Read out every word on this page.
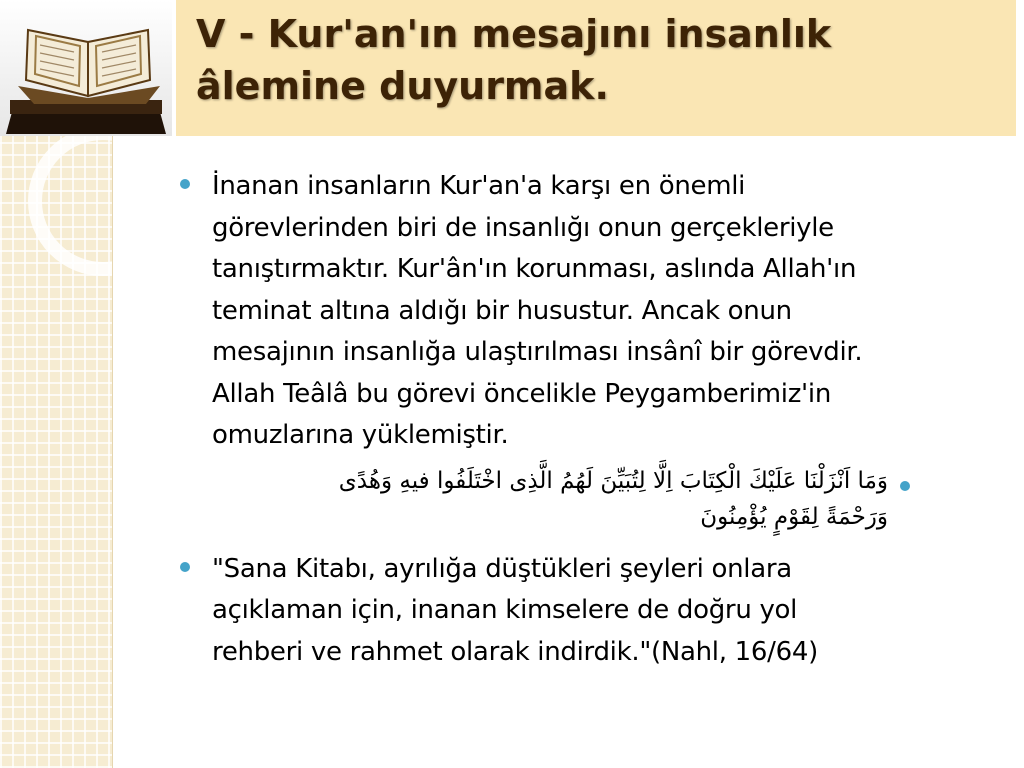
V - Kur'an'ın mesajını insanlık
âlemine duyurmak.
İnanan insanların Kur'an'a karşı en önemli
görevlerinden biri de insanlığı onun gerçekleriyle
tanıştırmaktır. Kur'ân'ın korunması, aslında Allah'ın
teminat altına aldığı bir husustur. Ancak onun
mesajının insanlığa ulaştırılması insânî bir görevdir.
Allah Teâlâ bu görevi öncelikle Peygamberimiz'in
omuzlarına yüklemiştir.
وَمَا اَنْزَلْنَا عَلَيْكَ الْكِتَابَ اِلَّا لِتُبَيِّنَ لَهُمُ الَّذِى اخْتَلَفُوا فيهِ وَهُدًى
وَرَحْمَةً لِقَوْمٍ يُؤْمِنُونَ
"Sana Kitabı, ayrılığa düştükleri şeyleri onlara
açıklaman için, inanan kimselere de doğru yol
rehberi ve rahmet olarak indirdik."(Nahl, 16/64)
